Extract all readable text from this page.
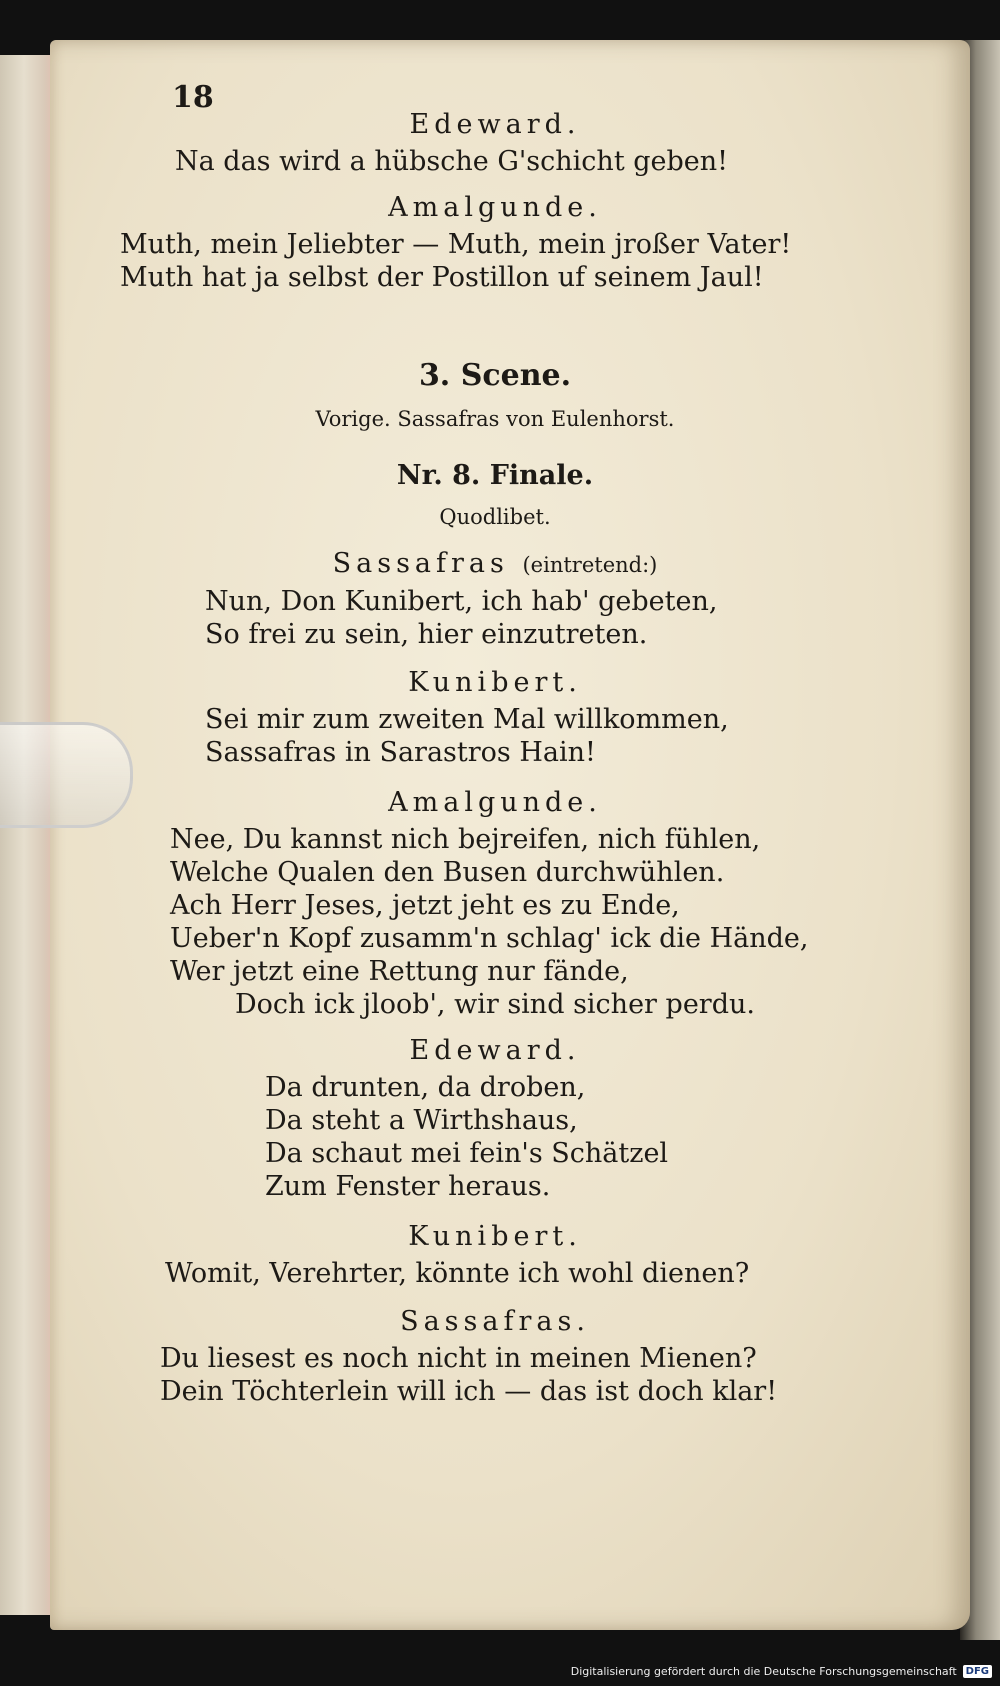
18

Edeward.

Na das wird a hübsche G'schicht geben!

Amalgunde.

Muth, mein Jeliebter — Muth, mein jroßer Vater!
Muth hat ja selbst der Postillon uf seinem Jaul!

3. Scene.

Vorige. Sassafras von Eulenhorst.

Nr. 8. Finale.

Quodlibet.

Sassafras (eintretend:)

Nun, Don Kunibert, ich hab' gebeten,
So frei zu sein, hier einzutreten.

Kunibert.

Sei mir zum zweiten Mal willkommen,
Sassafras in Sarastros Hain!

Amalgunde.

Nee, Du kannst nich bejreifen, nich fühlen,
Welche Qualen den Busen durchwühlen.
Ach Herr Jeses, jetzt jeht es zu Ende,
Ueber'n Kopf zusamm'n schlag' ick die Hände,
Wer jetzt eine Rettung nur fände,
Doch ick jloob', wir sind sicher perdu.

Edeward.

Da drunten, da droben,
Da steht a Wirthshaus,
Da schaut mei fein's Schätzel
Zum Fenster heraus.

Kunibert.

Womit, Verehrter, könnte ich wohl dienen?

Sassafras.

Du liesest es noch nicht in meinen Mienen?
Dein Töchterlein will ich — das ist doch klar!

Digitalisierung gefördert durch die Deutsche Forschungsgemeinschaft DFG
